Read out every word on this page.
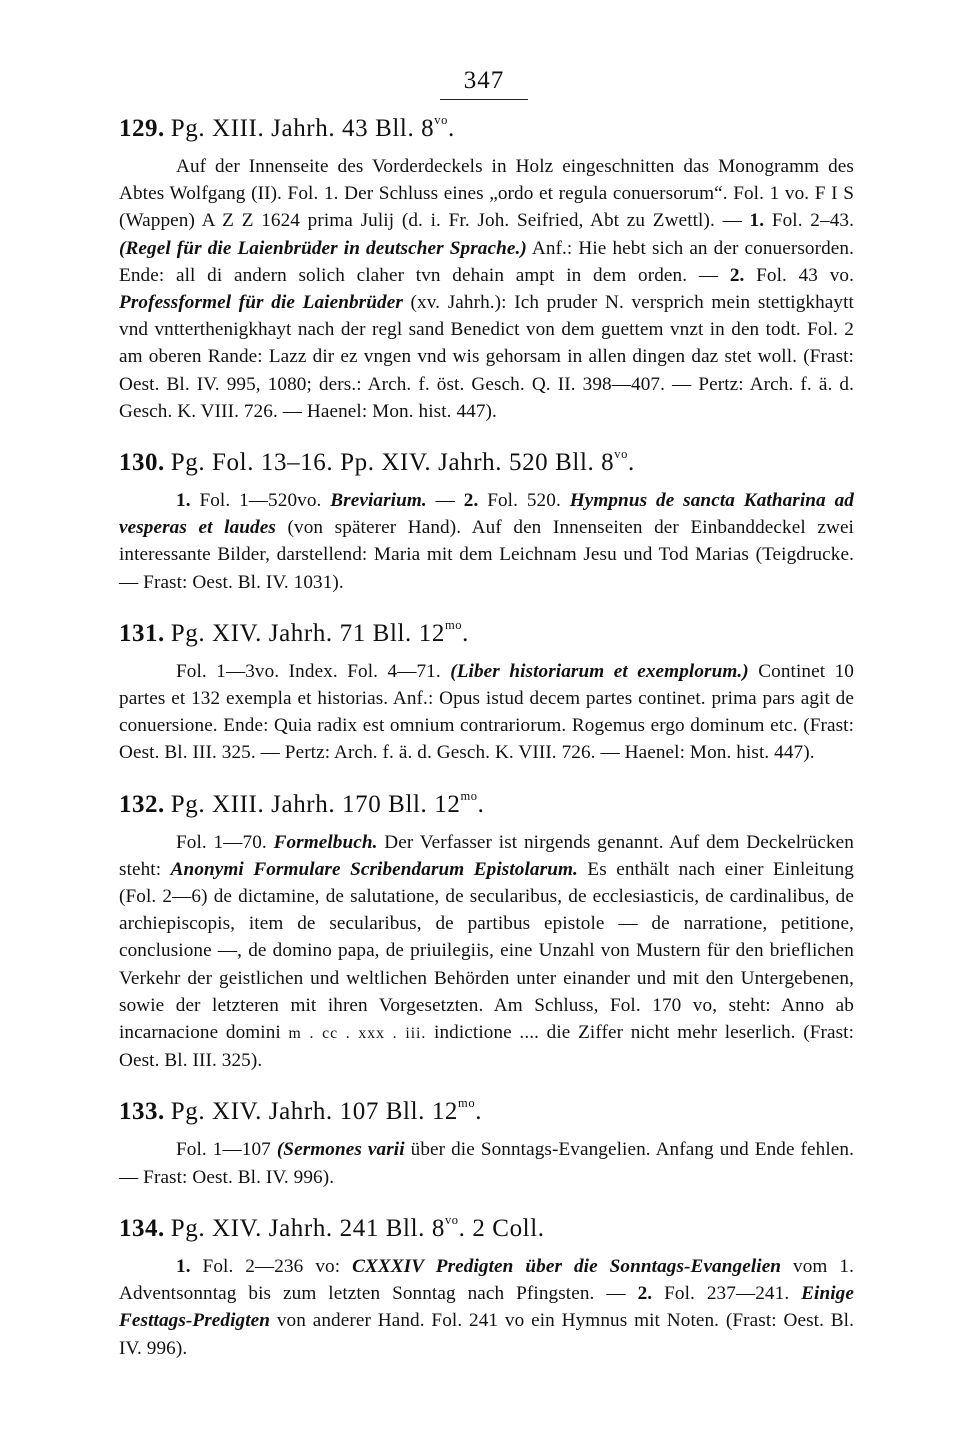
347
129. Pg. XIII. Jahrh. 43 Bll. $8^{vo}$.
Auf der Innenseite des Vorderdeckels in Holz eingeschnitten das Monogramm des Abtes Wolfgang (II). Fol. 1. Der Schluss eines „ordo et regula conuersorum“. Fol. 1 vo. F I S (Wappen) A Z Z 1624 prima Julij (d. i. Fr. Joh. Seifried, Abt zu Zwettl). — 1. Fol. 2–43. (Regel für die Laienbrüder in deutscher Sprache.) Anf.: Hie hebt sich an der conuersorden. Ende: all di andern solich claher tvn dehain ampt in dem orden. — 2. Fol. 43 vo. Professformel für die Laienbrüder (xv. Jahrh.): Ich pruder N. versprich mein stettigkhaytt vnd vntterthenigkhayt nach der regl sand Benedict von dem guettem vnzt in den todt. Fol. 2 am oberen Rande: Lazz dir ez vngen vnd wis gehorsam in allen dingen daz stet woll. (Frast: Oest. Bl. IV. 995, 1080; ders.: Arch. f. öst. Gesch. Q. II. 398—407. — Pertz: Arch. f. ä. d. Gesch. K. VIII. 726. — Haenel: Mon. hist. 447).
130. Pg. Fol. 13–16. Pp. XIV. Jahrh. 520 Bll. $8^{vo}$.
1. Fol. 1—520vo. Breviarium. — 2. Fol. 520. Hympnus de sancta Katharina ad vesperas et laudes (von späterer Hand). Auf den Innenseiten der Einbanddeckel zwei interessante Bilder, darstellend: Maria mit dem Leichnam Jesu und Tod Marias (Teigdrucke. — Frast: Oest. Bl. IV. 1031).
131. Pg. XIV. Jahrh. 71 Bll. $12^{mo}$.
Fol. 1—3vo. Index. Fol. 4—71. (Liber historiarum et exemplorum.) Continet 10 partes et 132 exempla et historias. Anf.: Opus istud decem partes continet. prima pars agit de conuersione. Ende: Quia radix est omnium contrariorum. Rogemus ergo dominum etc. (Frast: Oest. Bl. III. 325. — Pertz: Arch. f. ä. d. Gesch. K. VIII. 726. — Haenel: Mon. hist. 447).
132. Pg. XIII. Jahrh. 170 Bll. $12^{mo}$.
Fol. 1—70. Formelbuch. Der Verfasser ist nirgends genannt. Auf dem Deckelrücken steht: Anonymi Formulare Scribendarum Epistolarum. Es enthält nach einer Einleitung (Fol. 2—6) de dictamine, de salutatione, de secularibus, de ecclesiasticis, de cardinalibus, de archiepiscopis, item de secularibus, de partibus epistole — de narratione, petitione, conclusione —, de domino papa, de priuilegiis, eine Unzahl von Mustern für den brieflichen Verkehr der geistlichen und weltlichen Behörden unter einander und mit den Untergebenen, sowie der letzteren mit ihren Vorgesetzten. Am Schluss, Fol. 170 vo, steht: Anno ab incarnacione domini m . cc . xxx . iii. indictione .... die Ziffer nicht mehr leserlich. (Frast: Oest. Bl. III. 325).
133. Pg. XIV. Jahrh. 107 Bll. $12^{mo}$.
Fol. 1—107 (Sermones varii über die Sonntags-Evangelien. Anfang und Ende fehlen. — Frast: Oest. Bl. IV. 996).
134. Pg. XIV. Jahrh. 241 Bll. $8^{vo}$. 2 Coll.
1. Fol. 2—236 vo: CXXXIV Predigten über die Sonntags-Evangelien vom 1. Adventsonntag bis zum letzten Sonntag nach Pfingsten. — 2. Fol. 237—241. Einige Festtags-Predigten von anderer Hand. Fol. 241 vo ein Hymnus mit Noten. (Frast: Oest. Bl. IV. 996).
